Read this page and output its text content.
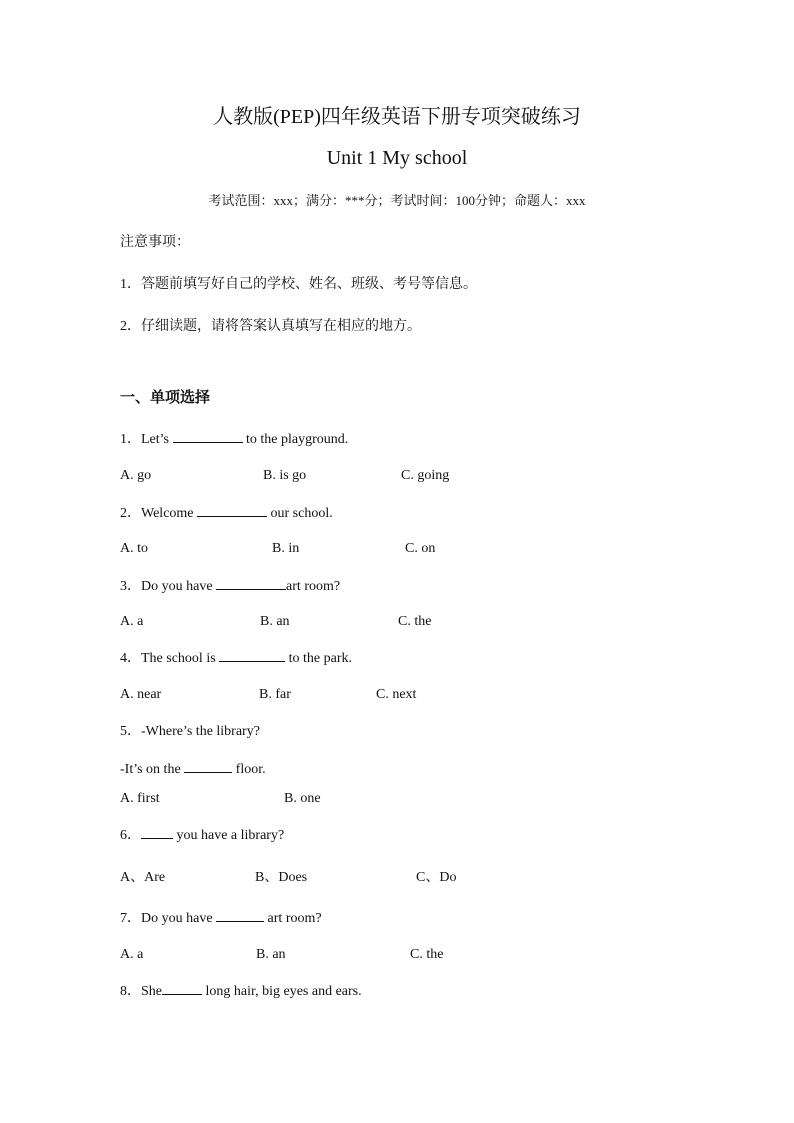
人教版(PEP)四年级英语下册专项突破练习
Unit 1 My school
考试范围：xxx；满分：***分；考试时间：100分钟；命题人：xxx
注意事项：
1．答题前填写好自己的学校、姓名、班级、考号等信息。
2．仔细读题，请将答案认真填写在相应的地方。
一、单项选择
1．Let’s	to the playground.
A. go	B. is go	C. going
2．Welcome	our school.
A. to	B. in	C. on
3．Do you have	art room?
A. a	B. an	C. the
4．The school is	to the park.
A. near	B. far	C. next
5．-Where’s the library?
-It’s on the	floor.
A. first	B. one
6． you have a library?
A、Are	B、Does	C、Do
7．Do you have	art room?
A. a	B. an	C. the
8．She	long hair, big eyes and ears.
